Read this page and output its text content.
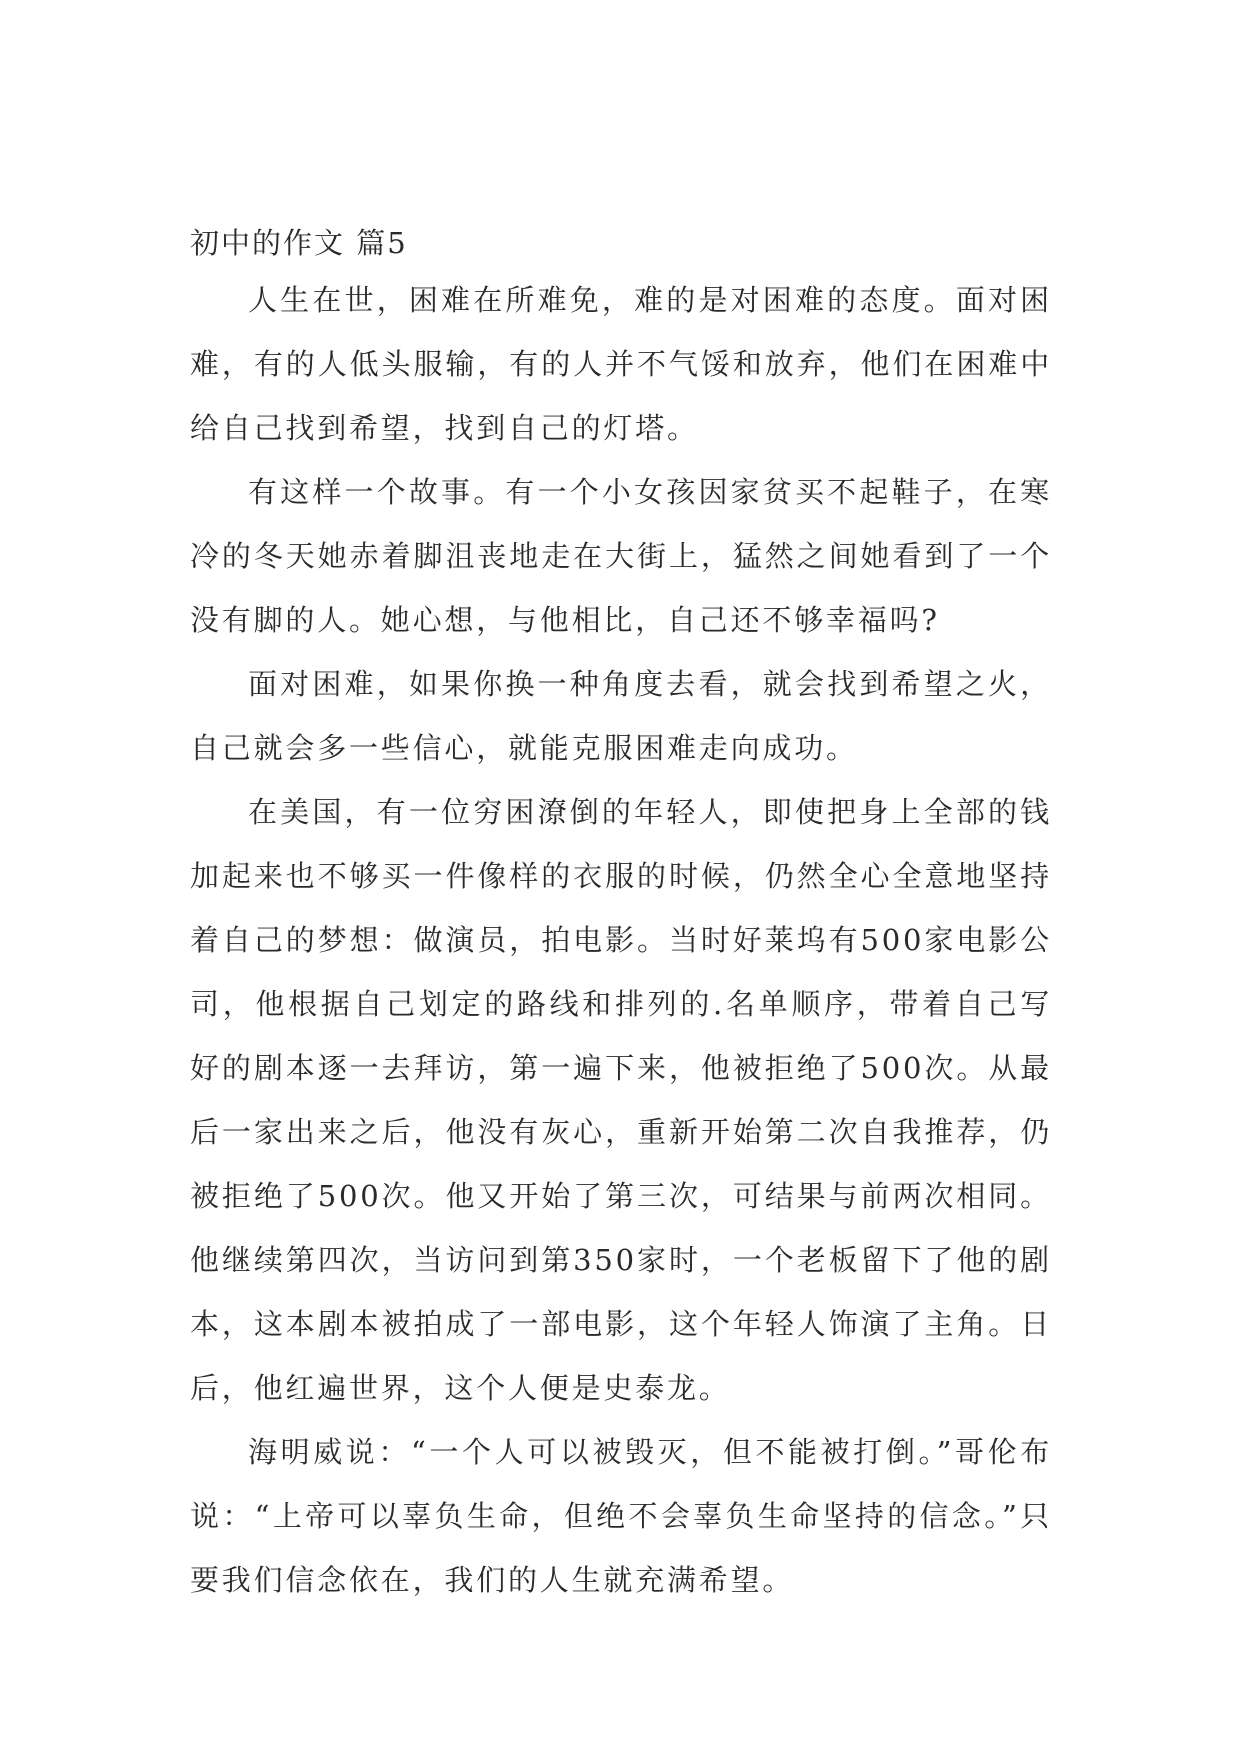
初中的作文 篇5

人生在世，困难在所难免，难的是对困难的态度。面对困难，有的人低头服输，有的人并不气馁和放弃，他们在困难中给自己找到希望，找到自己的灯塔。

有这样一个故事。有一个小女孩因家贫买不起鞋子，在寒冷的冬天她赤着脚沮丧地走在大街上，猛然之间她看到了一个没有脚的人。她心想，与他相比，自己还不够幸福吗?

面对困难，如果你换一种角度去看，就会找到希望之火，自己就会多一些信心，就能克服困难走向成功。

在美国，有一位穷困潦倒的年轻人，即使把身上全部的钱加起来也不够买一件像样的衣服的时候，仍然全心全意地坚持着自己的梦想：做演员，拍电影。当时好莱坞有500家电影公司，他根据自己划定的路线和排列的.名单顺序，带着自己写好的剧本逐一去拜访，第一遍下来，他被拒绝了500次。从最后一家出来之后，他没有灰心，重新开始第二次自我推荐，仍被拒绝了500次。他又开始了第三次，可结果与前两次相同。他继续第四次，当访问到第350家时，一个老板留下了他的剧本，这本剧本被拍成了一部电影，这个年轻人饰演了主角。日后，他红遍世界，这个人便是史泰龙。

海明威说：“一个人可以被毁灭，但不能被打倒。”哥伦布说：“上帝可以辜负生命，但绝不会辜负生命坚持的信念。”只要我们信念依在，我们的人生就充满希望。
